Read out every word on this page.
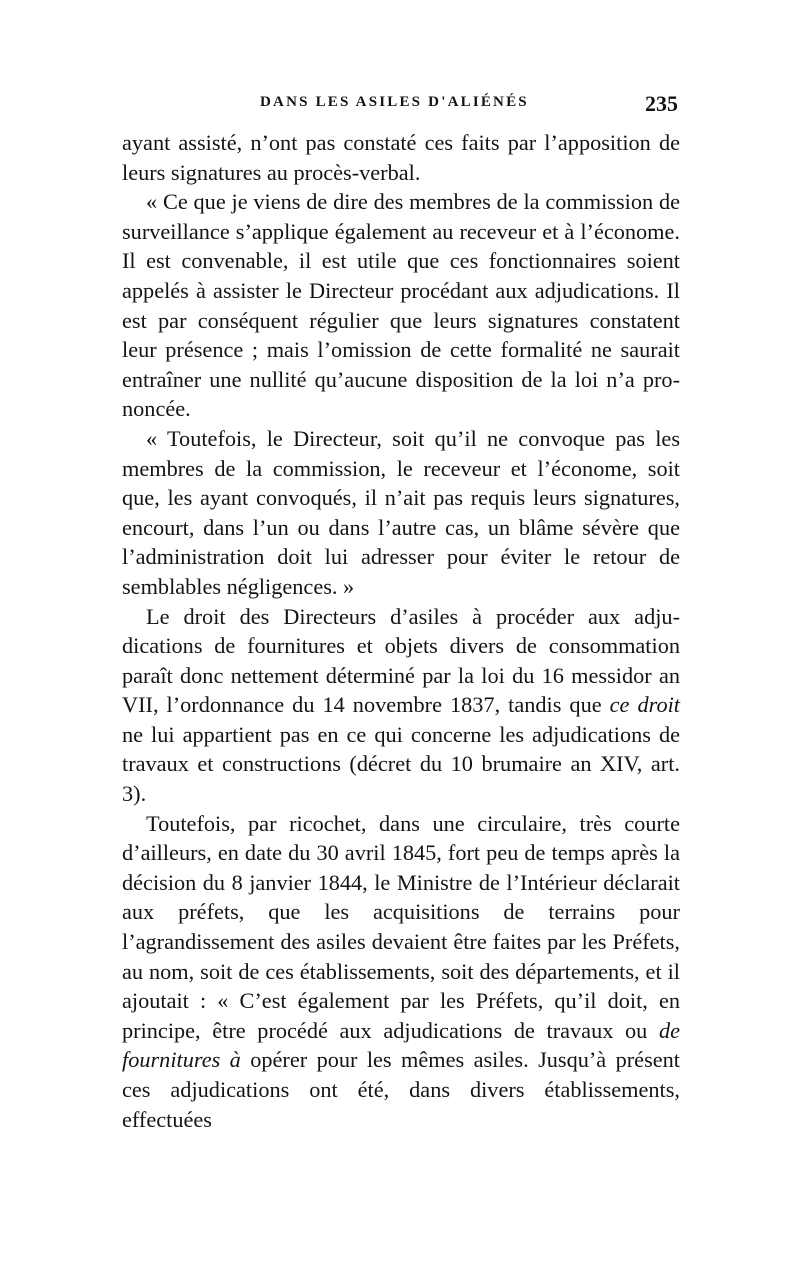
DANS LES ASILES D'ALIÉNÉS	235

ayant assisté, n’ont pas constaté ces faits par l’apposition de leurs signatures au procès-verbal.

« Ce que je viens de dire des membres de la commission de surveillance s’applique également au receveur et à l’économe. Il est convenable, il est utile que ces fonctionnaires soient appelés à assister le Directeur procédant aux adjudications. Il est par conséquent régulier que leurs signatures constatent leur présence ; mais l’omission de cette formalité ne saurait entraîner une nullité qu’aucune disposition de la loi n’a prononcée.

« Toutefois, le Directeur, soit qu’il ne convoque pas les membres de la commission, le receveur et l’économe, soit que, les ayant convoqués, il n’ait pas requis leurs signatures, encourt, dans l’un ou dans l’autre cas, un blâme sévère que l’administration doit lui adresser pour éviter le retour de semblables négligences. »

Le droit des Directeurs d’asiles à procéder aux adjudications de fournitures et objets divers de consommation paraît donc nettement déterminé par la loi du 16 messidor an VII, l’ordonnance du 14 novembre 1837, tandis que ce droit ne lui appartient pas en ce qui concerne les adjudications de travaux et constructions (décret du 10 brumaire an XIV, art. 3).

Toutefois, par ricochet, dans une circulaire, très courte d’ailleurs, en date du 30 avril 1845, fort peu de temps après la décision du 8 janvier 1844, le Ministre de l’Intérieur déclarait aux préfets, que les acquisitions de terrains pour l’agrandissement des asiles devaient être faites par les Préfets, au nom, soit de ces établissements, soit des départements, et il ajoutait : « C’est également par les Préfets, qu’il doit, en principe, être procédé aux adjudications de travaux ou de fournitures à opérer pour les mêmes asiles. Jusqu’à présent ces adjudications ont été, dans divers établissements, effectuées
